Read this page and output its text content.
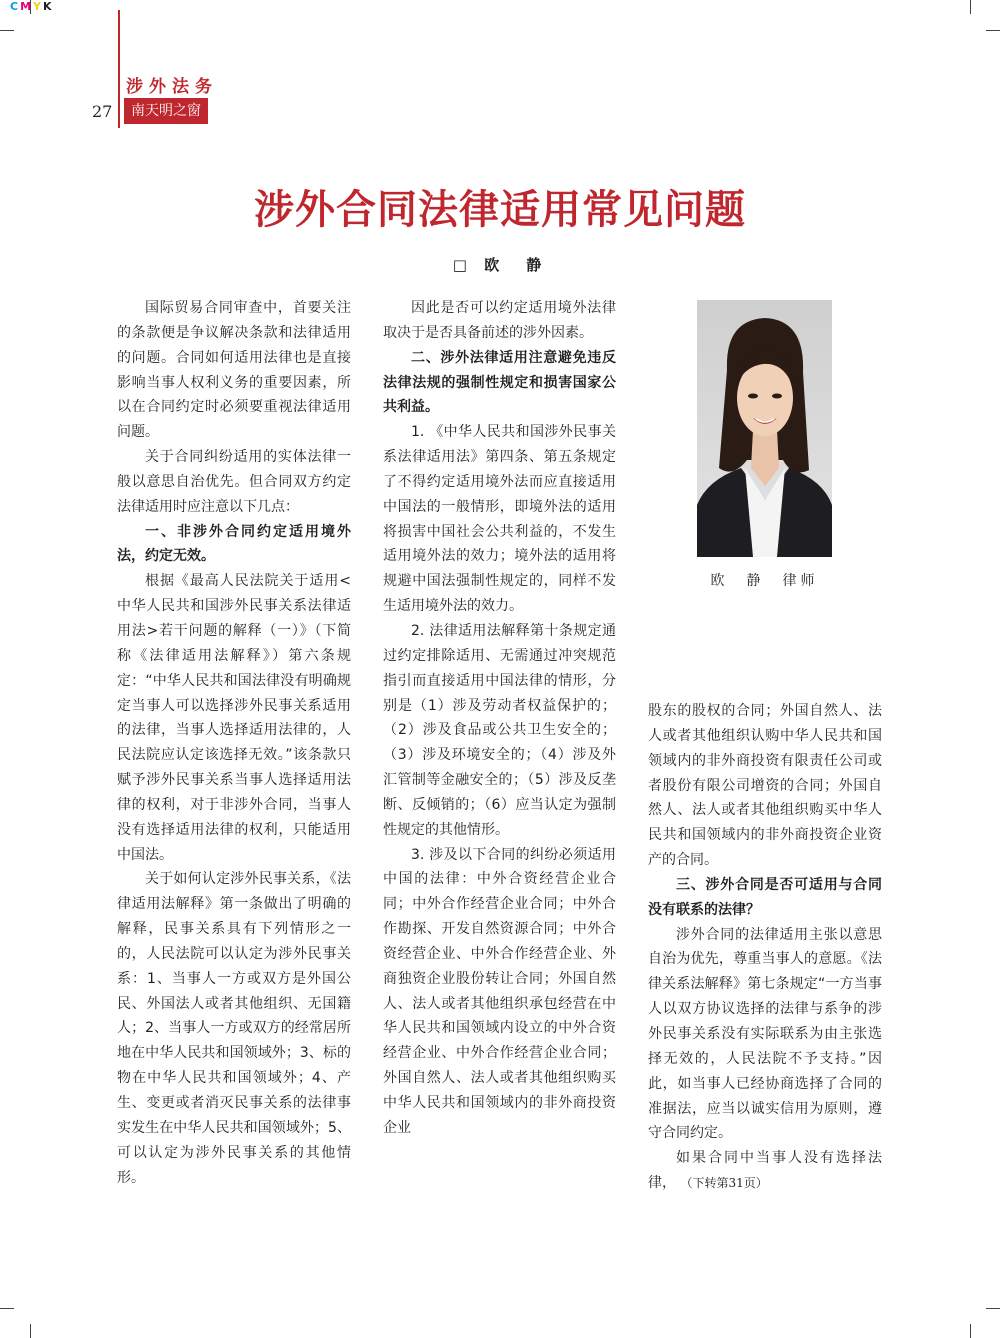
CMYK
涉外法务
27	南天明之窗
涉外合同法律适用常见问题
□ 欧　静

国际贸易合同审查中，首要关注的条款便是争议解决条款和法律适用的问题。合同如何适用法律也是直接影响当事人权利义务的重要因素，所以在合同约定时必须要重视法律适用问题。

关于合同纠纷适用的实体法律一般以意思自治优先。但合同双方约定法律适用时应注意以下几点：

一、非涉外合同约定适用境外法，约定无效。

根据《最高人民法院关于适用<中华人民共和国涉外民事关系法律适用法>若干问题的解释（一）》（下简称《法律适用法解释》）第六条规定：“中华人民共和国法律没有明确规定当事人可以选择涉外民事关系适用的法律，当事人选择适用法律的，人民法院应认定该选择无效。”该条款只赋予涉外民事关系当事人选择适用法律的权利，对于非涉外合同，当事人没有选择适用法律的权利，只能适用中国法。

关于如何认定涉外民事关系，《法律适用法解释》第一条做出了明确的解释，民事关系具有下列情形之一的，人民法院可以认定为涉外民事关系：1、当事人一方或双方是外国公民、外国法人或者其他组织、无国籍人；2、当事人一方或双方的经常居所地在中华人民共和国领域外；3、标的物在中华人民共和国领域外；4、产生、变更或者消灭民事关系的法律事实发生在中华人民共和国领域外；5、可以认定为涉外民事关系的其他情形。

因此是否可以约定适用境外法律取决于是否具备前述的涉外因素。

二、涉外法律适用注意避免违反法律法规的强制性规定和损害国家公共利益。

1. 《中华人民共和国涉外民事关系法律适用法》第四条、第五条规定了不得约定适用境外法而应直接适用中国法的一般情形，即境外法的适用将损害中国社会公共利益的，不发生适用境外法的效力；境外法的适用将规避中国法强制性规定的，同样不发生适用境外法的效力。

2. 法律适用法解释第十条规定通过约定排除适用、无需通过冲突规范指引而直接适用中国法律的情形，分别是（1）涉及劳动者权益保护的；（2）涉及食品或公共卫生安全的；（3）涉及环境安全的；（4）涉及外汇管制等金融安全的；（5）涉及反垄断、反倾销的；（6）应当认定为强制性规定的其他情形。

3. 涉及以下合同的纠纷必须适用中国的法律：中外合资经营企业合同；中外合作经营企业合同；中外合作勘探、开发自然资源合同；中外合资经营企业、中外合作经营企业、外商独资企业股份转让合同；外国自然人、法人或者其他组织承包经营在中华人民共和国领域内设立的中外合资经营企业、中外合作经营企业合同；外国自然人、法人或者其他组织购买中华人民共和国领域内的非外商投资企业

股东的股权的合同；外国自然人、法人或者其他组织认购中华人民共和国领域内的非外商投资有限责任公司或者股份有限公司增资的合同；外国自然人、法人或者其他组织购买中华人民共和国领域内的非外商投资企业资产的合同。

三、涉外合同是否可适用与合同没有联系的法律？

涉外合同的法律适用主张以意思自治为优先，尊重当事人的意愿。《法律关系法解释》第七条规定“一方当事人以双方协议选择的法律与系争的涉外民事关系没有实际联系为由主张选择无效的，人民法院不予支持。”因此，如当事人已经协商选择了合同的准据法，应当以诚实信用为原则，遵守合同约定。

如果合同中当事人没有选择法律， （下转第31页）

欧　静　律师
